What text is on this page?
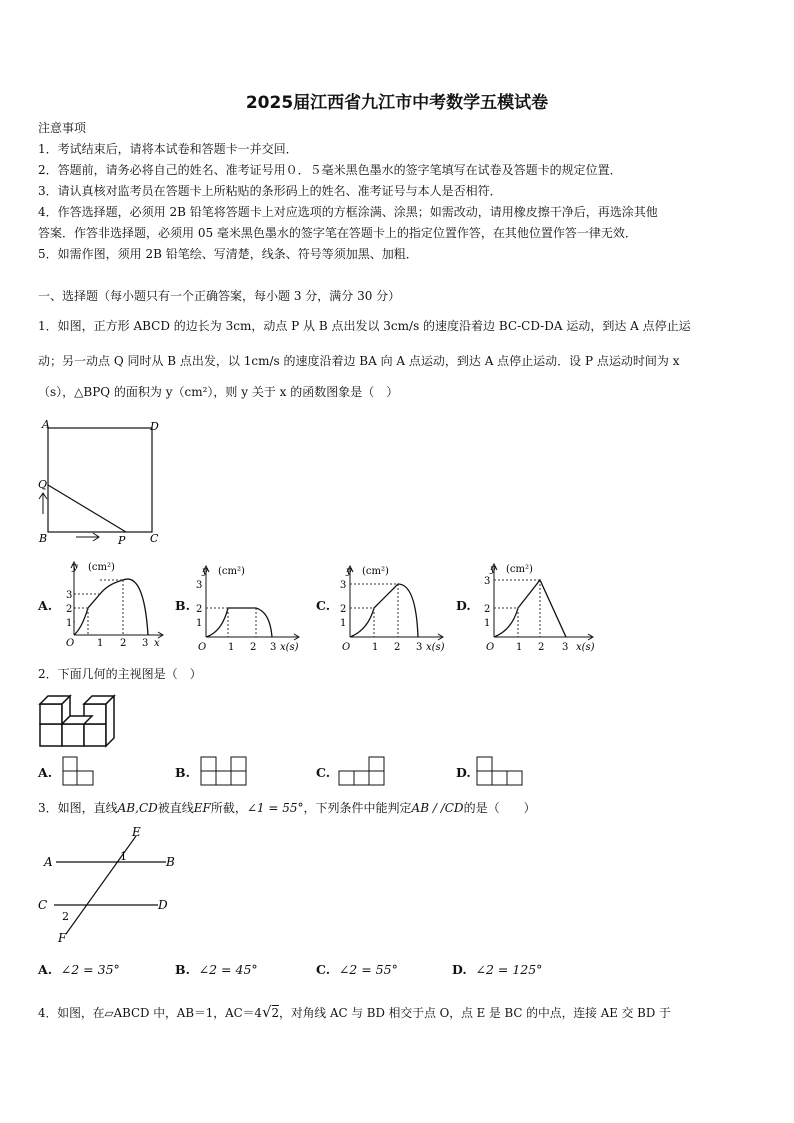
2025届江西省九江市中考数学五模试卷
注意事项
1．考试结束后，请将本试卷和答题卡一并交回．
2．答题前，请务必将自己的姓名、准考证号用０．５毫米黑色墨水的签字笔填写在试卷及答题卡的规定位置．
3．请认真核对监考员在答题卡上所粘贴的条形码上的姓名、准考证号与本人是否相符．
4．作答选择题，必须用 2B 铅笔将答题卡上对应选项的方框涂满、涂黑；如需改动，请用橡皮擦干净后，再选涂其他
答案．作答非选择题，必须用 05 毫米黑色墨水的签字笔在答题卡上的指定位置作答，在其他位置作答一律无效．
5．如需作图，须用 2B 铅笔绘、写清楚，线条、符号等须加黑、加粗．
一、选择题（每小题只有一个正确答案，每小题 3 分，满分 30 分）
1．如图，正方形 ABCD 的边长为 3cm，动点 P 从 B 点出发以 3cm/s 的速度沿着边 BC-CD-DA 运动，到达 A 点停止运
动；另一动点 Q 同时从 B 点出发，以 1cm/s 的速度沿着边 BA 向 A 点运动，到达 A 点停止运动．设 P 点运动时间为 x
（s），△BPQ 的面积为 y（cm²），则 y 关于 x 的函数图象是（　）
A	D
Q
B	P C
A.
1
2
3
O 1 2 3 x
y (cm²)
B.
1
2
3
O 1 2 3 x(s)
y (cm²)
C.
1
2
3
O 1 2 3 x(s)
y (cm²)
D.
1
2
3
O 1 2 3 x(s)
y (cm²)
2．下面几何的主视图是（　）
A.	B.	C.	D.
3．如图，直线AB,CD被直线EF所截，∠1 = 55°，下列条件中能判定AB / /CD的是（　　）
A	B
C	D
E
F
1
2
A. ∠2 = 35°	B. ∠2 = 45°	C. ∠2 = 55°	D. ∠2 = 125°
4．如图，在▱ABCD 中，AB＝1，AC＝4√2，对角线 AC 与 BD 相交于点 O，点 E 是 BC 的中点，连接 AE 交 BD 于
